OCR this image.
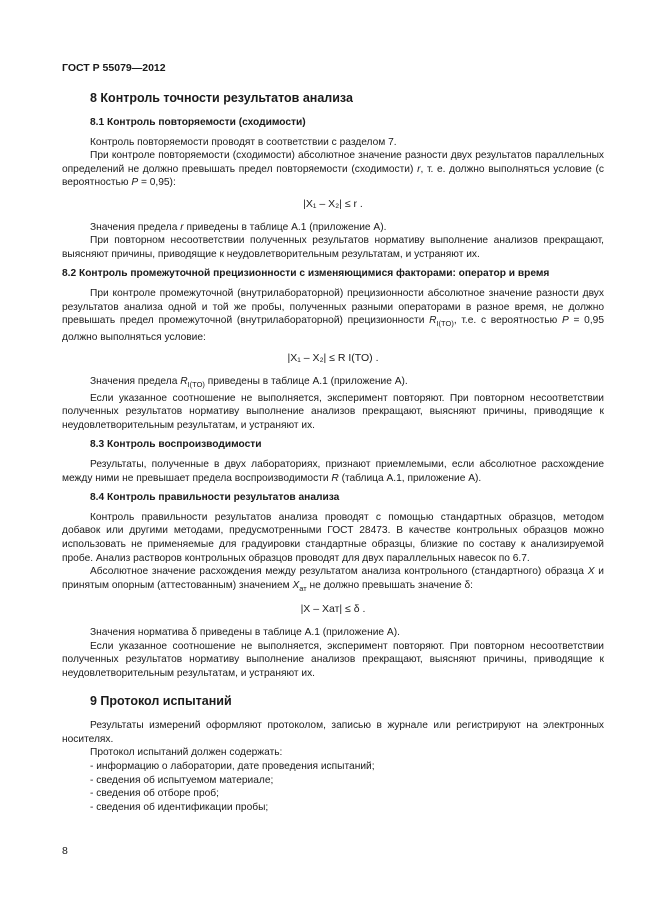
ГОСТ Р 55079—2012
8 Контроль точности результатов анализа
8.1 Контроль повторяемости (сходимости)

Контроль повторяемости проводят в соответствии с разделом 7.

При контроле повторяемости (сходимости) абсолютное значение разности двух результатов параллельных определений не должно превышать предел повторяемости (сходимости) r, т. е. должно выполняться условие (с вероятностью P = 0,95):

|X₁ – X₂| ≤ r .

Значения предела r приведены в таблице А.1 (приложение А).

При повторном несоответствии полученных результатов нормативу выполнение анализов прекращают, выясняют причины, приводящие к неудовлетворительным результатам, и устраняют их.

8.2 Контроль промежуточной прецизионности с изменяющимися факторами: оператор и время

При контроле промежуточной (внутрилабораторной) прецизионности абсолютное значение разности двух результатов анализа одной и той же пробы, полученных разными операторами в разное время, не должно превышать предел промежуточной (внутрилабораторной) прецизионности $R_{I(TO)}$, т.е. с вероятностью P = 0,95 должно выполняться условие:

|X₁ – X₂| ≤ R I(TO) .

Значения предела $R_{I(TO)}$ приведены в таблице А.1 (приложение А).

Если указанное соотношение не выполняется, эксперимент повторяют. При повторном несоответствии полученных результатов нормативу выполнение анализов прекращают, выясняют причины, приводящие к неудовлетворительным результатам, и устраняют их.

8.3 Контроль воспроизводимости

Результаты, полученные в двух лабораториях, признают приемлемыми, если абсолютное расхождение между ними не превышает предела воспроизводимости R (таблица А.1, приложение А).

8.4 Контроль правильности результатов анализа

Контроль правильности результатов анализа проводят с помощью стандартных образцов, методом добавок или другими методами, предусмотренными ГОСТ 28473. В качестве контрольных образцов можно использовать не применяемые для градуировки стандартные образцы, близкие по составу к анализируемой пробе. Анализ растворов контрольных образцов проводят для двух параллельных навесок по 6.7.

Абсолютное значение расхождения между результатом анализа контрольного (стандартного) образца X и принятым опорным (аттестованным) значением $X_{ат}$ не должно превышать значение δ:

|X – Xат| ≤ δ .

Значения норматива δ приведены в таблице А.1 (приложение А).

Если указанное соотношение не выполняется, эксперимент повторяют. При повторном несоответствии полученных результатов нормативу выполнение анализов прекращают, выясняют причины, приводящие к неудовлетворительным результатам, и устраняют их.

9 Протокол испытаний

Результаты измерений оформляют протоколом, записью в журнале или регистрируют на электронных носителях.

Протокол испытаний должен содержать:

- информацию о лаборатории, дате проведения испытаний;
- сведения об испытуемом материале;
- сведения об отборе проб;
- сведения об идентификации пробы;
8
